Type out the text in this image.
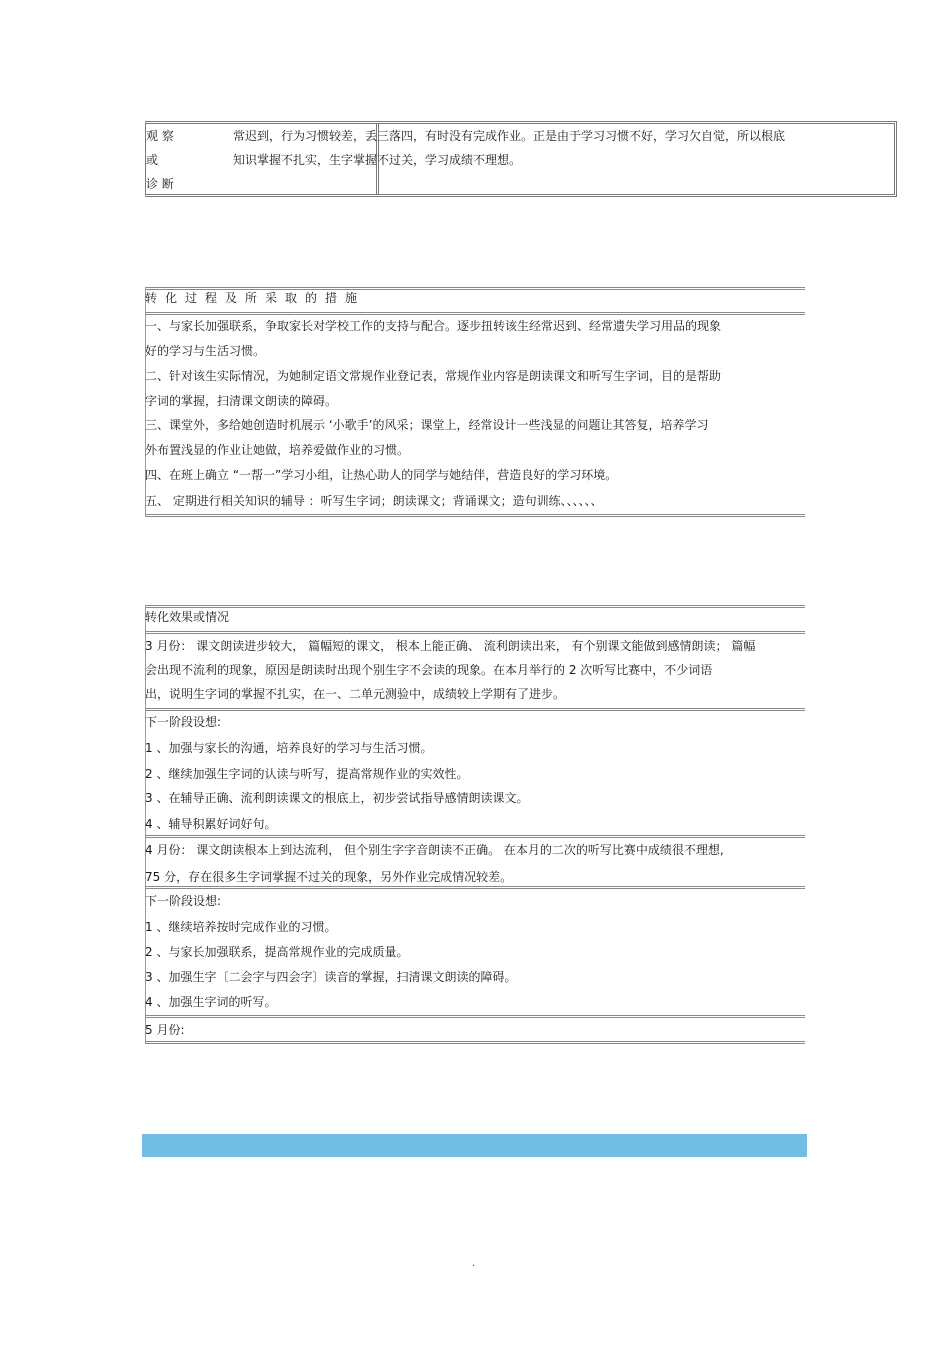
观 察
或
诊 断
常迟到，行为习惯较差，丢三落四，有时没有完成作业。正是由于学习习惯不好，学习欠自觉，所以根底
知识掌握不扎实，生字掌握不过关，学习成绩不理想。
转化过程及所采取的措施
一、与家长加强联系，争取家长对学校工作的支持与配合。逐步扭转该生经常迟到、经常遗失学习用品的现象
好的学习与生活习惯。
二、针对该生实际情况，为她制定语文常规作业登记表，常规作业内容是朗读课文和听写生字词，目的是帮助
字词的掌握，扫清课文朗读的障碍。
三、课堂外，多给她创造时机展示 ‘小歌手’的风采；课堂上，经常设计一些浅显的问题让其答复，培养学习
外布置浅显的作业让她做，培养爱做作业的习惯。
四、在班上确立 “一帮一”学习小组，让热心助人的同学与她结伴，营造良好的学习环境。
五、 定期进行相关知识的辅导 ：听写生字词；朗读课文；背诵课文；造句训练、、、、、、
转化效果或情况
3 月份： 课文朗读进步较大， 篇幅短的课文， 根本上能正确、 流利朗读出来， 有个别课文能做到感情朗读； 篇幅
会出现不流利的现象，原因是朗读时出现个别生字不会读的现象。在本月举行的 2 次听写比赛中，不少词语
出，说明生字词的掌握不扎实，在一、二单元测验中，成绩较上学期有了进步。
下一阶段设想:
1 、加强与家长的沟通，培养良好的学习与生活习惯。
2 、继续加强生字词的认读与听写，提高常规作业的实效性。
3 、在辅导正确、流利朗读课文的根底上，初步尝试指导感情朗读课文。
4 、辅导积累好词好句。
4 月份： 课文朗读根本上到达流利， 但个别生字字音朗读不正确。 在本月的二次的听写比赛中成绩很不理想,
75 分，存在很多生字词掌握不过关的现象，另外作业完成情况较差。
下一阶段设想:
1 、继续培养按时完成作业的习惯。
2 、与家长加强联系，提高常规作业的完成质量。
3 、加强生字〔二会字与四会字〕读音的掌握，扫清课文朗读的障碍。
4 、加强生字词的听写。
5 月份:
.
